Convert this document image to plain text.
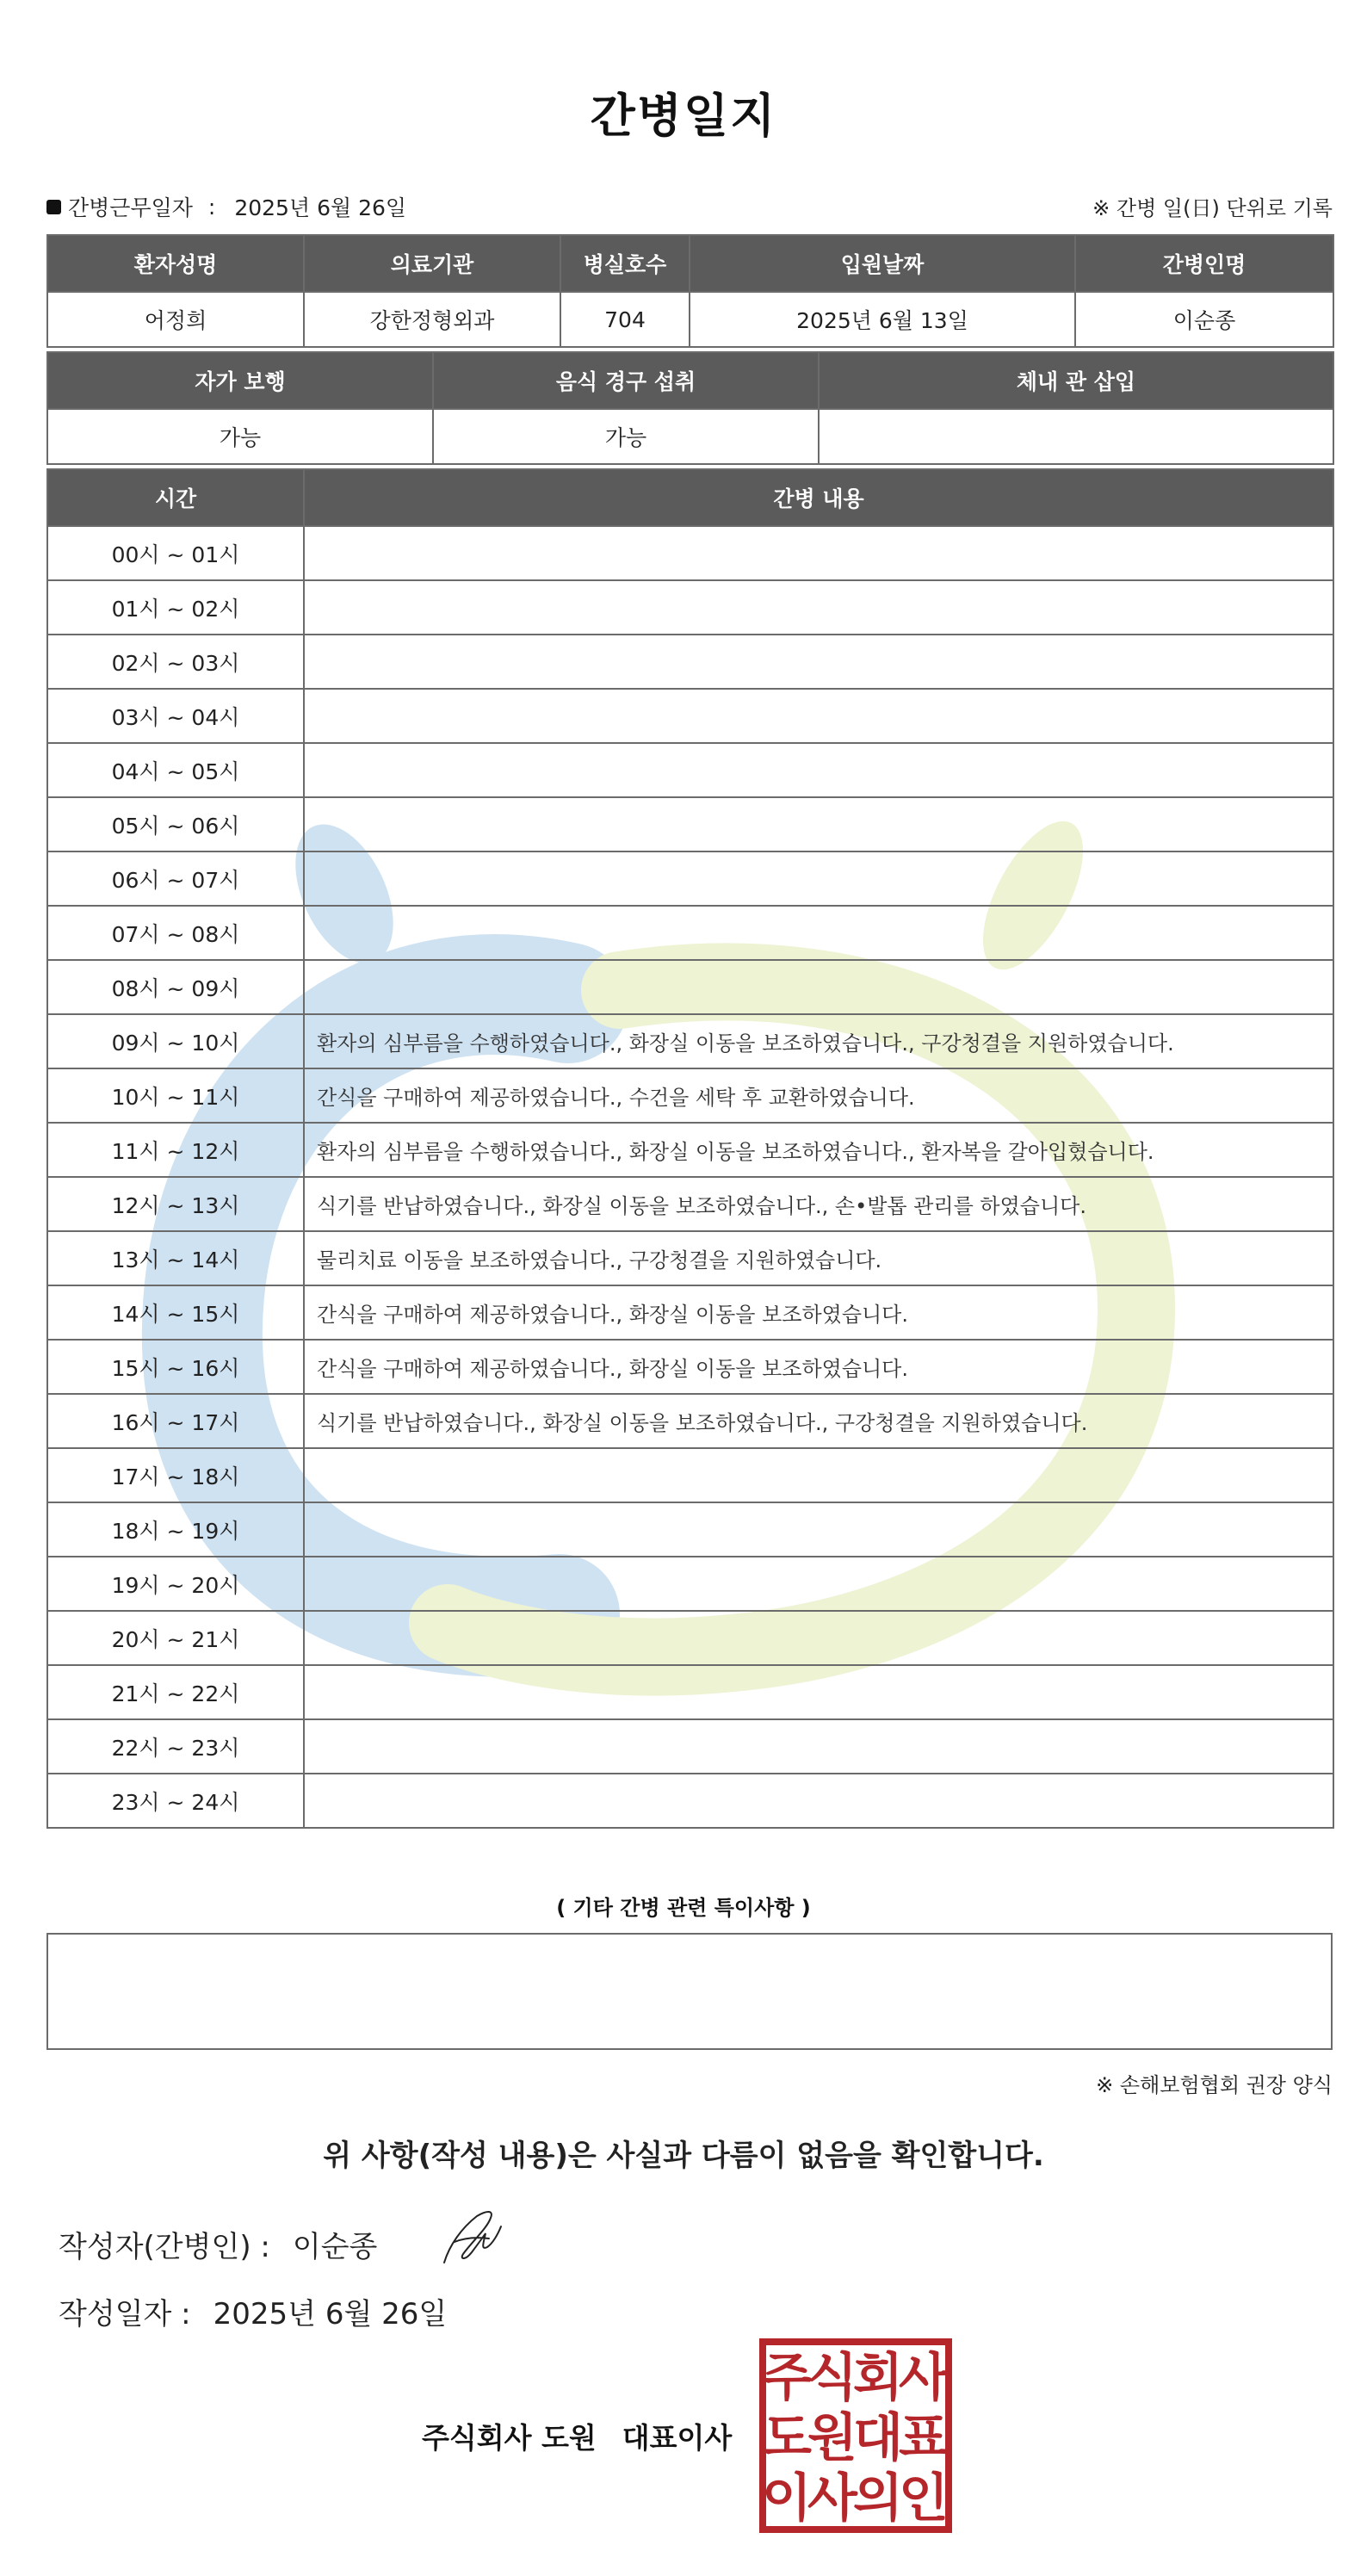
간병일지
간병근무일자 : 2025년 6월 26일	※ 간병 일(日) 단위로 기록
환자성명	의료기관	병실호수	입원날짜	간병인명
어정희	강한정형외과	704	2025년 6월 13일	이순종
자가 보행	음식 경구 섭취	체내 관 삽입
가능	가능	
시간	간병 내용
00시 ~ 01시	
01시 ~ 02시	
02시 ~ 03시	
03시 ~ 04시	
04시 ~ 05시	
05시 ~ 06시	
06시 ~ 07시	
07시 ~ 08시	
08시 ~ 09시	
09시 ~ 10시	환자의 심부름을 수행하였습니다., 화장실 이동을 보조하였습니다., 구강청결을 지원하였습니다.
10시 ~ 11시	간식을 구매하여 제공하였습니다., 수건을 세탁 후 교환하였습니다.
11시 ~ 12시	환자의 심부름을 수행하였습니다., 화장실 이동을 보조하였습니다., 환자복을 갈아입혔습니다.
12시 ~ 13시	식기를 반납하였습니다., 화장실 이동을 보조하였습니다., 손•발톱 관리를 하였습니다.
13시 ~ 14시	물리치료 이동을 보조하였습니다., 구강청결을 지원하였습니다.
14시 ~ 15시	간식을 구매하여 제공하였습니다., 화장실 이동을 보조하였습니다.
15시 ~ 16시	간식을 구매하여 제공하였습니다., 화장실 이동을 보조하였습니다.
16시 ~ 17시	식기를 반납하였습니다., 화장실 이동을 보조하였습니다., 구강청결을 지원하였습니다.
17시 ~ 18시	
18시 ~ 19시	
19시 ~ 20시	
20시 ~ 21시	
21시 ~ 22시	
22시 ~ 23시	
23시 ~ 24시	
( 기타 간병 관련 특이사항 )
※ 손해보험협회 권장 양식
위 사항(작성 내용)은 사실과 다름이 없음을 확인합니다.
작성자(간병인) : 이순종
작성일자 : 2025년 6월 26일
주식회사 도원 대표이사
주
식
회
사
도
원
대
표
이
사
의
인
